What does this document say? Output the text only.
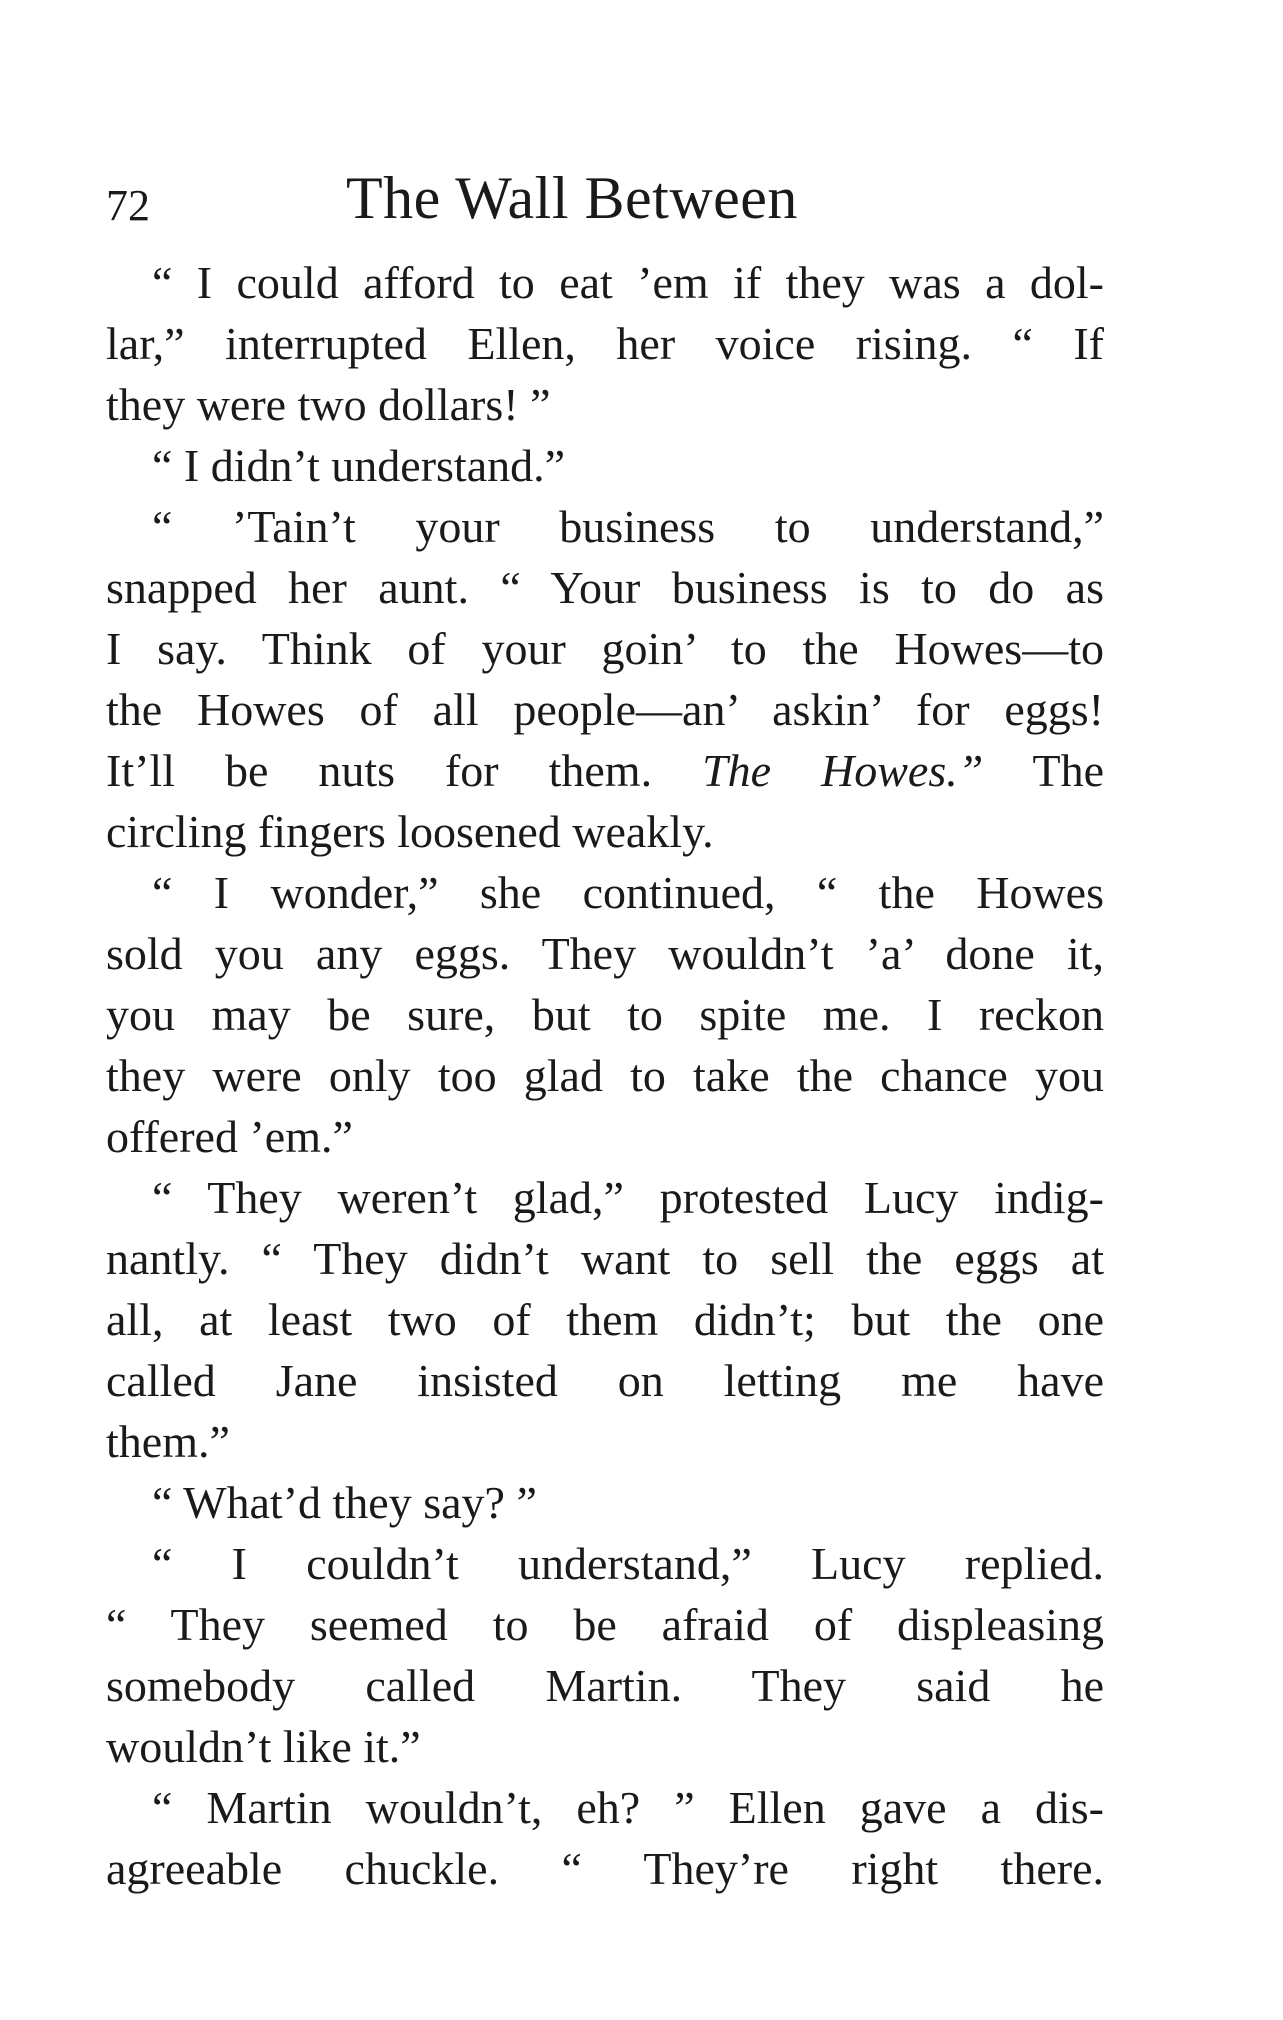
72	The Wall Between
“ I could afford to eat ’em if they was a dol-
lar,” interrupted Ellen, her voice rising. “ If
they were two dollars! ”
“ I didn’t understand.”
“ ’Tain’t your business to understand,”
snapped her aunt. “ Your business is to do as
I say. Think of your goin’ to the Howes—to
the Howes of all people—an’ askin’ for eggs!
It’ll be nuts for them. The Howes.” The
circling fingers loosened weakly.
“ I wonder,” she continued, “ the Howes
sold you any eggs. They wouldn’t ’a’ done it,
you may be sure, but to spite me. I reckon
they were only too glad to take the chance you
offered ’em.”
“ They weren’t glad,” protested Lucy indig-
nantly. “ They didn’t want to sell the eggs at
all, at least two of them didn’t; but the one
called Jane insisted on letting me have
them.”
“ What’d they say? ”
“ I couldn’t understand,” Lucy replied.
“ They seemed to be afraid of displeasing
somebody called Martin. They said he
wouldn’t like it.”
“ Martin wouldn’t, eh? ” Ellen gave a dis-
agreeable chuckle. “ They’re right there.
